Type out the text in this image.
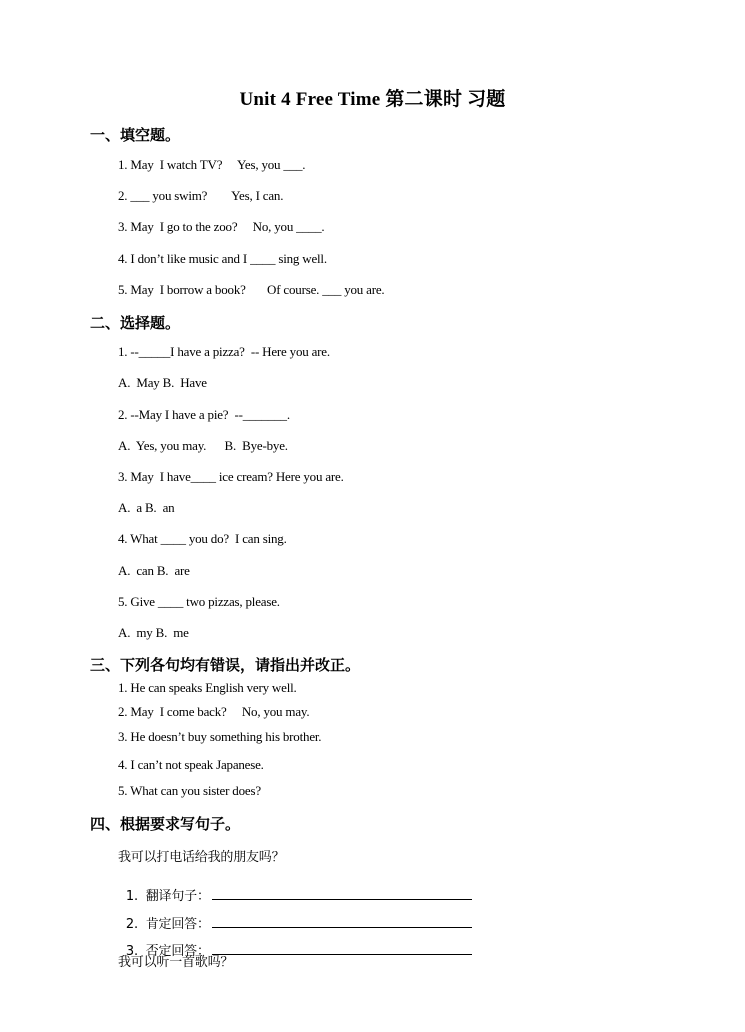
Unit 4 Free Time 第二课时 习题
一、填空题。
1. May  I watch TV?     Yes, you ___.
2. ___ you swim?        Yes, I can.
3. May  I go to the zoo?     No, you ____.
4. I don’t like music and I ____ sing well.
5. May  I borrow a book?       Of course. ___ you are.
二、选择题。
1. --_____I have a pizza?  -- Here you are.
A.  May B.  Have
2. --May I have a pie?  --_______.
A.  Yes, you may.      B.  Bye-bye.
3. May  I have____ ice cream? Here you are.
A.  a B.  an
4. What ____ you do?  I can sing.
A.  can B.  are
5. Give ____ two pizzas, please.
A.  my B.  me
三、下列各句均有错误，请指出并改正。
1. He can speaks English very well.
2. May  I come back?     No, you may.
3. He doesn’t buy something his brother.
4. I can’t not speak Japanese.
5. What can you sister does?
四、根据要求写句子。
我可以打电话给我的朋友吗？

1.  翻译句子：

2.  肯定回答：

3.  否定回答：

我可以听一首歌吗？
